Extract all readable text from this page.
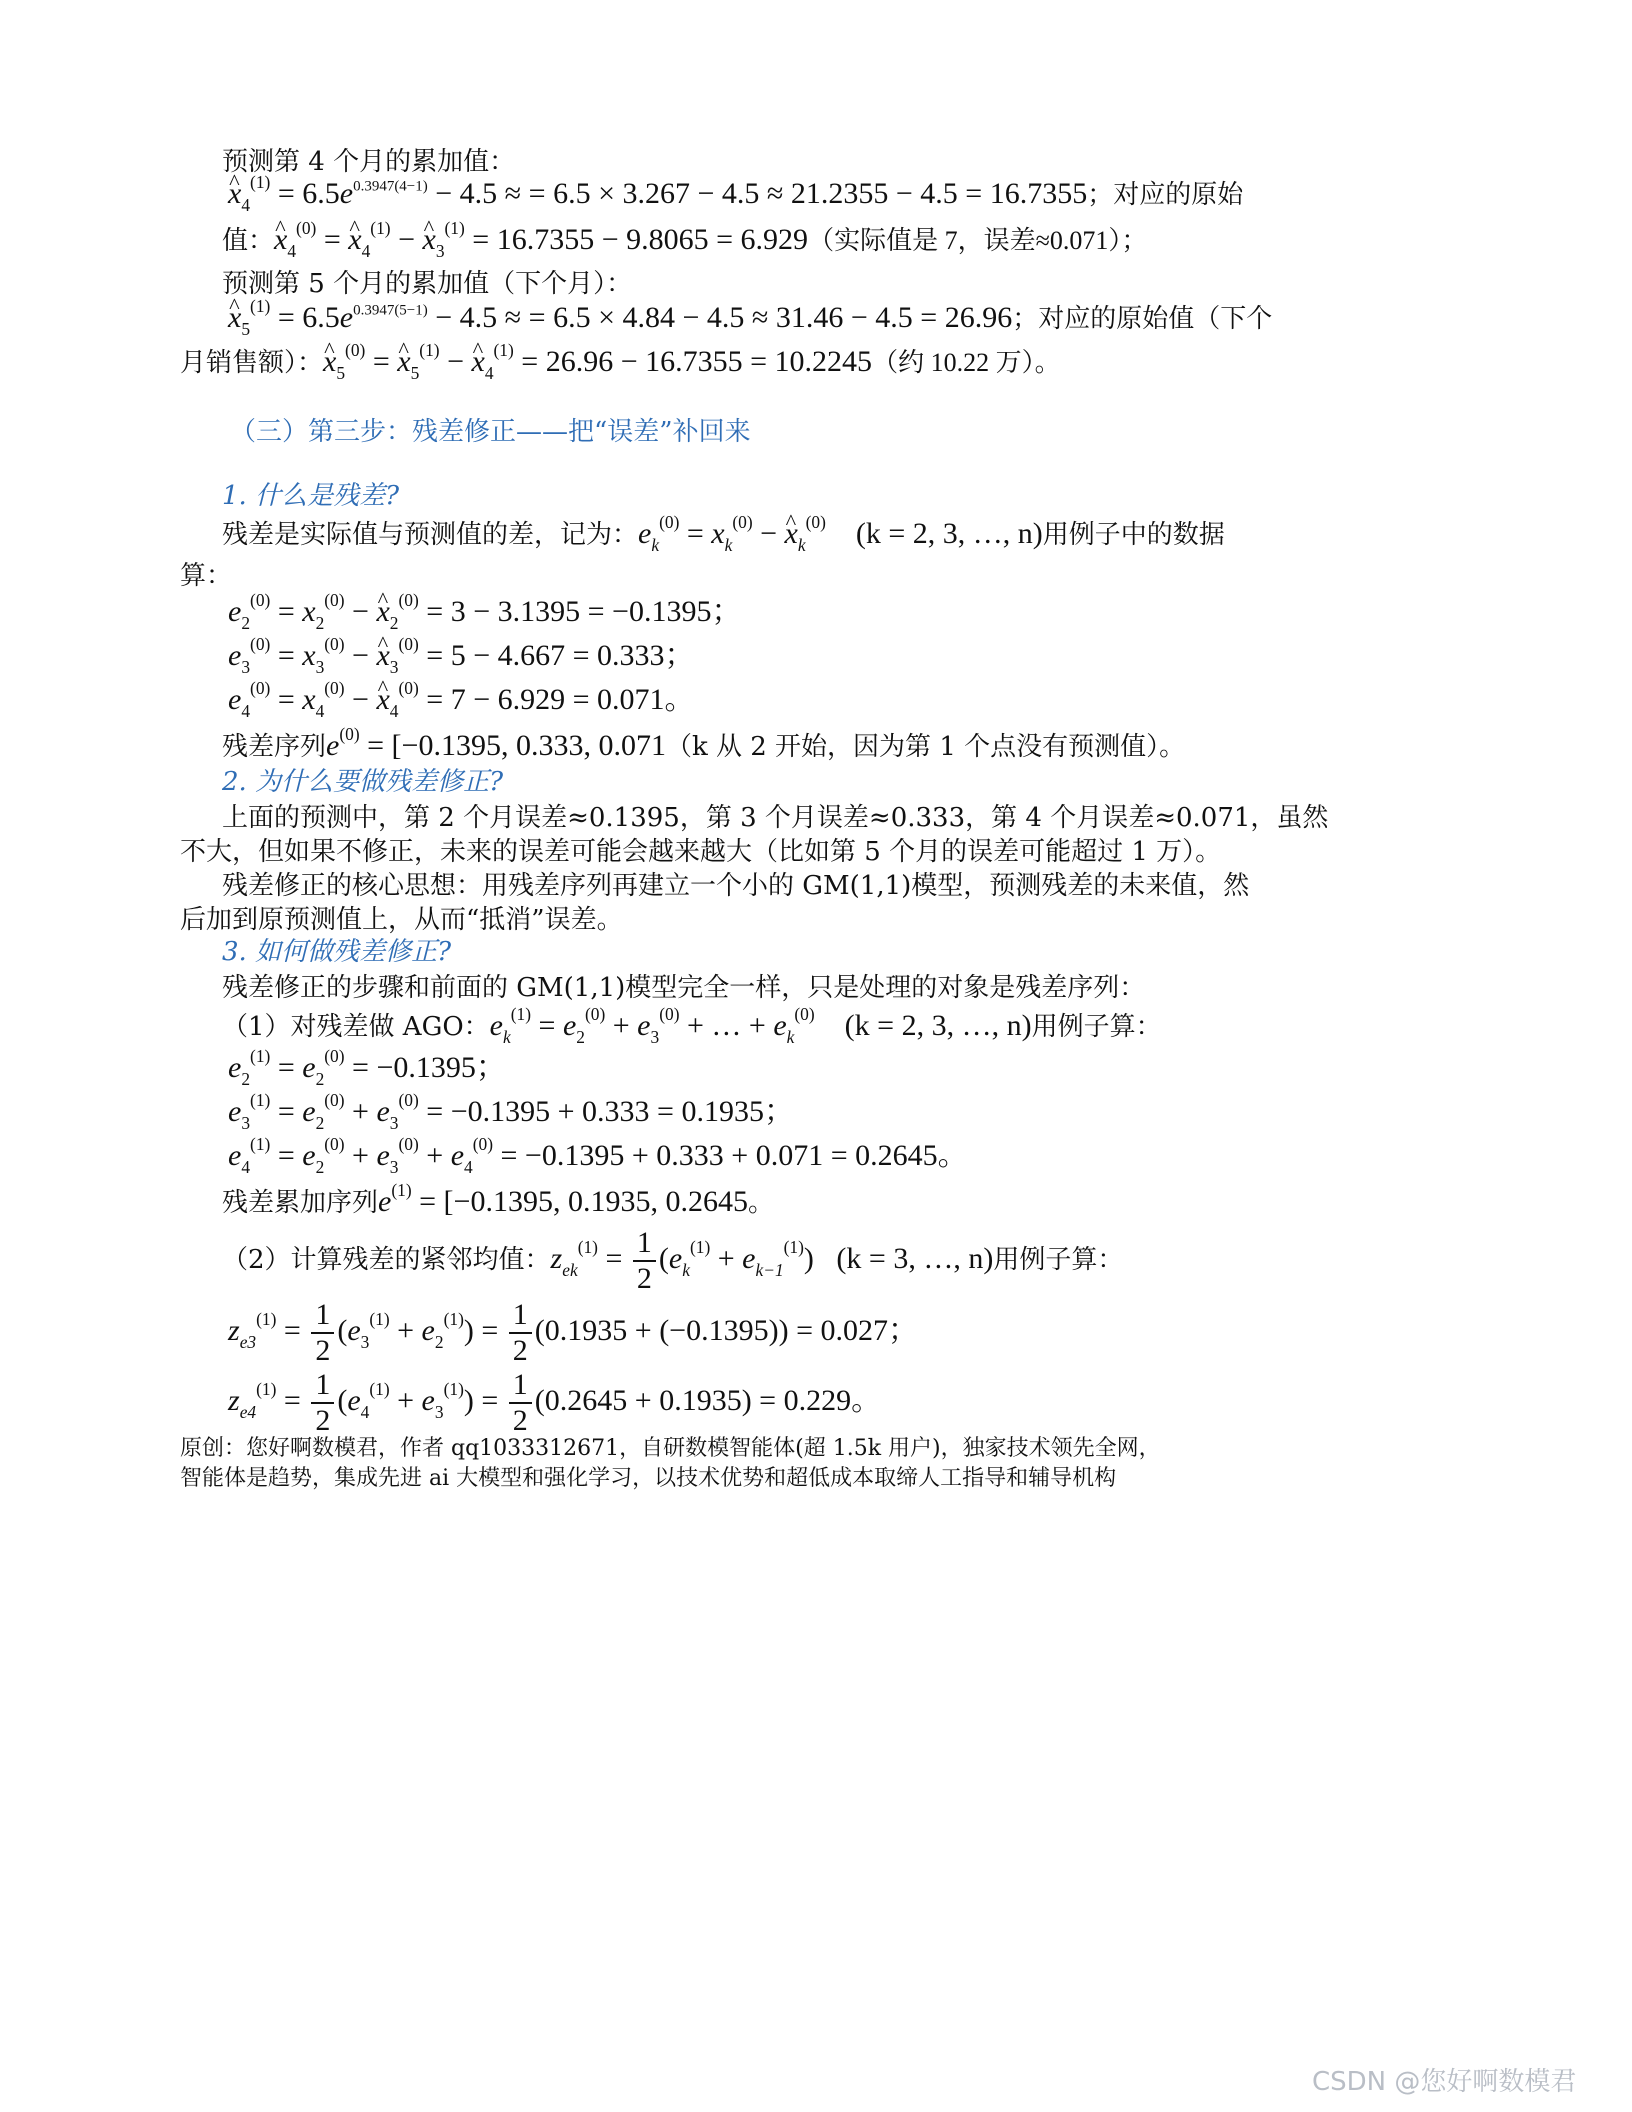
预测第 4 个月的累加值：
^ $x_4^{(1)} = 6.5e^{0.3947(4-1)} - 4.5$ ≈ = 6.5 × 3.267 − 4.5 ≈ 21.2355 − 4.5 = 16.7355；对应的原始
值：^ $x_4^{(0)}$ = ^ $x_4^{(1)}$ − ^ $x_3^{(1)} = 16.7355 - 9.8065 = 6.929$（实际值是 7，误差≈0.071）；
预测第 5 个月的累加值（下个月）：
^ $x_5^{(1)} = 6.5e^{0.3947(5-1)} - 4.5$ ≈ = 6.5 × 4.84 − 4.5 ≈ 31.46 − 4.5 = 26.96；对应的原始值（下个
月销售额）：^ $x_5^{(0)}$ = ^ $x_5^{(1)}$ − ^ $x_4^{(1)} = 26.96 - 16.7355 = 10.2245$（约 10.22 万）。
（三）第三步：残差修正——把“误差”补回来
1. 什么是残差?
残差是实际值与预测值的差，记为：$e_k^{(0)} = x_k^{(0)}$ − ^ $x_k^{(0)}$ (k = 2, 3, …, n)用例子中的数据
算：
$e_2^{(0)} = x_2^{(0)}$ − ^ $x_2^{(0)} = 3 - 3.1395 = -0.1395$；
$e_3^{(0)} = x_3^{(0)}$ − ^ $x_3^{(0)} = 5 - 4.667 = 0.333$；
$e_4^{(0)} = x_4^{(0)}$ − ^ $x_4^{(0)} = 7 - 6.929 = 0.071$。
残差序列$e^{(0)} = [-0.1395$, 0.333, 0.071（k 从 2 开始，因为第 1 个点没有预测值）。
2. 为什么要做残差修正?
上面的预测中，第 2 个月误差≈0.1395，第 3 个月误差≈0.333，第 4 个月误差≈0.071，虽然
不大，但如果不修正，未来的误差可能会越来越大（比如第 5 个月的误差可能超过 1 万）。
残差修正的核心思想：用残差序列再建立一个小的 GM(1,1)模型，预测残差的未来值，然
后加到原预测值上，从而“抵消”误差。
3. 如何做残差修正?
残差修正的步骤和前面的 GM(1,1)模型完全一样，只是处理的对象是残差序列：
（1）对残差做 AGO：$e_k^{(1)} = e_2^{(0)} + e_3^{(0)}$ + … + $e_k^{(0)}$ (k = 2, 3, …, n)用例子算：
$e_2^{(1)} = e_2^{(0)} = -0.1395$；
$e_3^{(1)} = e_2^{(0)} + e_3^{(0)} = -0.1395 + 0.333 = 0.1935$；
$e_4^{(1)} = e_2^{(0)} + e_3^{(0)} + e_4^{(0)} = -0.1395 + 0.333 + 0.071 = 0.2645$。
残差累加序列$e^{(1)} = [-0.1395$, 0.1935, 0.2645。
（2）计算残差的紧邻均值：$z_{ek}^{(1)} = \frac{1}{2} (e_k^{(1)} + e_{k-1}^{(1)}) (k = 3$, …, n)用例子算：
$z_{e3}^{(1)} = \frac{1}{2} (e_3^{(1)} + e_2^{(1)}) = \frac{1}{2} (0.1935 + (-0.1395)) = 0.027$；
$z_{e4}^{(1)} = \frac{1}{2} (e_4^{(1)} + e_3^{(1)}) = \frac{1}{2} (0.2645 + 0.1935) = 0.229$。
原创：您好啊数模君，作者 qq1033312671，自研数模智能体(超 1.5k 用户)，独家技术领先全网，
智能体是趋势，集成先进 ai 大模型和强化学习，以技术优势和超低成本取缔人工指导和辅导机构
CSDN @您好啊数模君
